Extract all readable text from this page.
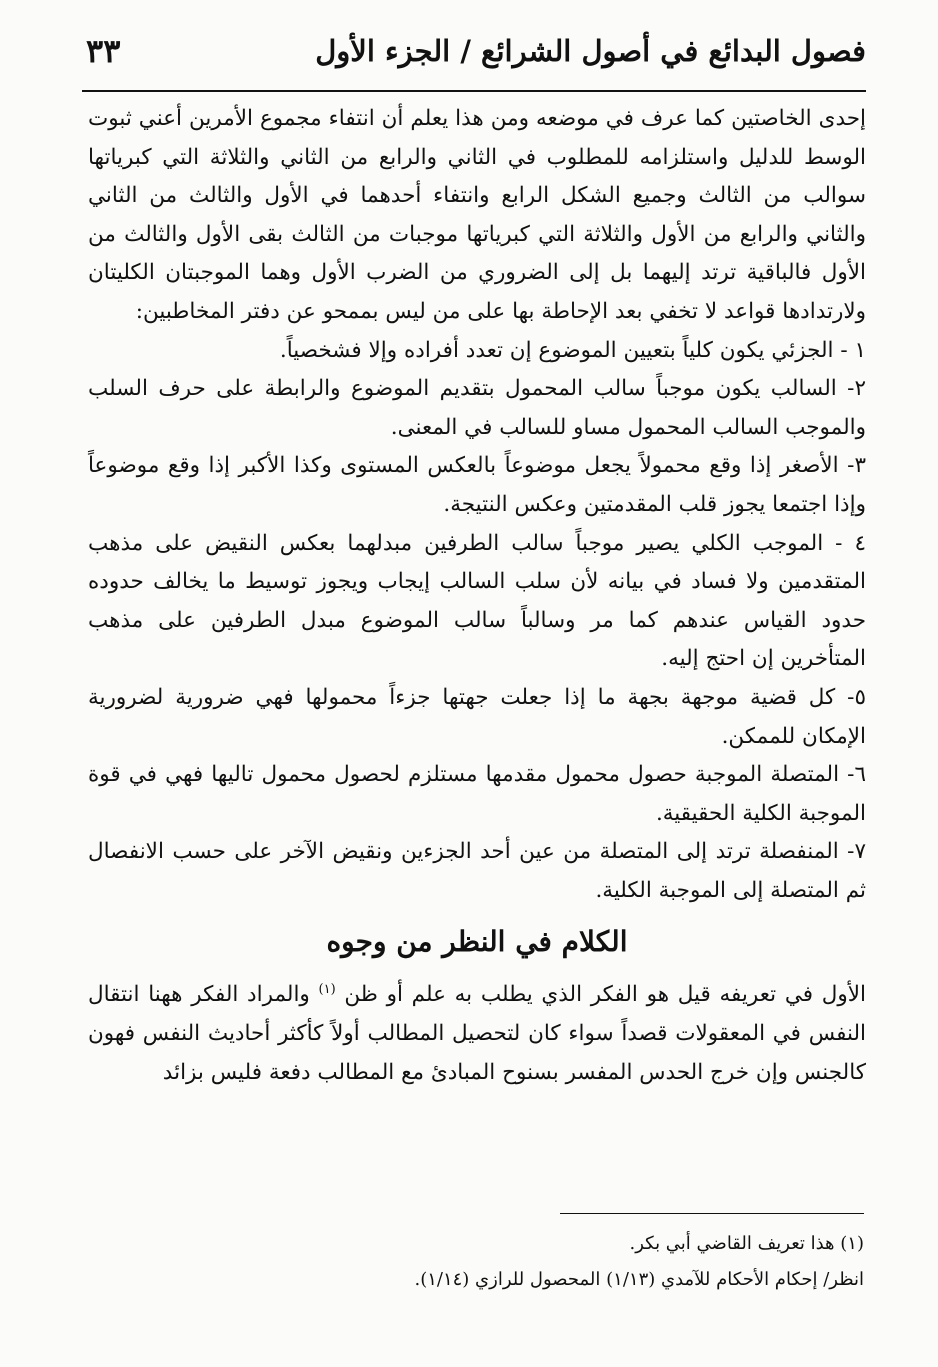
فصول البدائع في أصول الشرائع / الجزء الأول
٣٣

إحدى الخاصتين كما عرف في موضعه ومن هذا يعلم أن انتفاء مجموع الأمرين أعني ثبوت الوسط للدليل واستلزامه للمطلوب في الثاني والرابع من الثاني والثلاثة التي كبرياتها سوالب من الثالث وجميع الشكل الرابع وانتفاء أحدهما في الأول والثالث من الثاني والثاني والرابع من الأول والثلاثة التي كبرياتها موجبات من الثالث بقى الأول والثالث من الأول فالباقية ترتد إليهما بل إلى الضروري من الضرب الأول وهما الموجبتان الكليتان ولارتدادها قواعد لا تخفي بعد الإحاطة بها على من ليس بممحو عن دفتر المخاطبين:

١ - الجزئي يكون كلياً بتعيين الموضوع إن تعدد أفراده وإلا فشخصياً.

٢- السالب يكون موجباً سالب المحمول بتقديم الموضوع والرابطة على حرف السلب والموجب السالب المحمول مساو للسالب في المعنى.

٣- الأصغر إذا وقع محمولاً يجعل موضوعاً بالعكس المستوى وكذا الأكبر إذا وقع موضوعاً وإذا اجتمعا يجوز قلب المقدمتين وعكس النتيجة.

٤ - الموجب الكلي يصير موجباً سالب الطرفين مبدلهما بعكس النقيض على مذهب المتقدمين ولا فساد في بيانه لأن سلب السالب إيجاب ويجوز توسيط ما يخالف حدوده حدود القياس عندهم كما مر وسالباً سالب الموضوع مبدل الطرفين على مذهب المتأخرين إن احتج إليه.

٥- كل قضية موجهة بجهة ما إذا جعلت جهتها جزءاً محمولها فهي ضرورية لضرورية الإمكان للممكن.

٦- المتصلة الموجبة حصول محمول مقدمها مستلزم لحصول محمول تاليها فهي في قوة الموجبة الكلية الحقيقية.

٧- المنفصلة ترتد إلى المتصلة من عين أحد الجزءين ونقيض الآخر على حسب الانفصال ثم المتصلة إلى الموجبة الكلية.

الكلام في النظر من وجوه

الأول في تعريفه قيل هو الفكر الذي يطلب به علم أو ظن $^{(١)}$ والمراد الفكر ههنا انتقال النفس في المعقولات قصداً سواء كان لتحصيل المطالب أولاً كأكثر أحاديث النفس فهون كالجنس وإن خرج الحدس المفسر بسنوح المبادئ مع المطالب دفعة فليس بزائد

(١) هذا تعريف القاضي أبي بكر.

انظر/ إحكام الأحكام للآمدي (١/١٣) المحصول للرازي (١/١٤).
